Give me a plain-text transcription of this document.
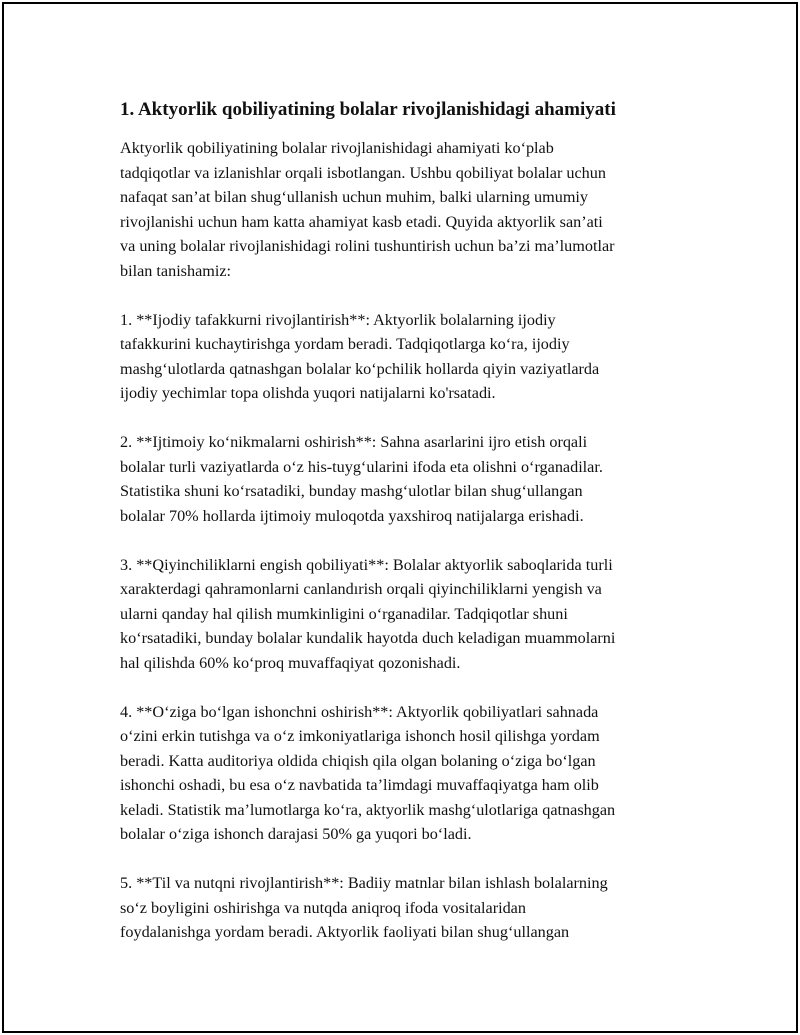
1. Aktyorlik qobiliyatining bolalar rivojlanishidagi ahamiyati
Aktyorlik qobiliyatining bolalar rivojlanishidagi ahamiyati ko‘plab
tadqiqotlar va izlanishlar orqali isbotlangan. Ushbu qobiliyat bolalar uchun
nafaqat san’at bilan shug‘ullanish uchun muhim, balki ularning umumiy
rivojlanishi uchun ham katta ahamiyat kasb etadi. Quyida aktyorlik san’ati
va uning bolalar rivojlanishidagi rolini tushuntirish uchun ba’zi ma’lumotlar
bilan tanishamiz:
1. **Ijodiy tafakkurni rivojlantirish**: Aktyorlik bolalarning ijodiy
tafakkurini kuchaytirishga yordam beradi. Tadqiqotlarga ko‘ra, ijodiy
mashg‘ulotlarda qatnashgan bolalar ko‘pchilik hollarda qiyin vaziyatlarda
ijodiy yechimlar topa olishda yuqori natijalarni ko'rsatadi.
2. **Ijtimoiy ko‘nikmalarni oshirish**: Sahna asarlarini ijro etish orqali
bolalar turli vaziyatlarda o‘z his-tuyg‘ularini ifoda eta olishni o‘rganadilar.
Statistika shuni ko‘rsatadiki, bunday mashg‘ulotlar bilan shug‘ullangan
bolalar 70% hollarda ijtimoiy muloqotda yaxshiroq natijalarga erishadi.
3. **Qiyinchiliklarni engish qobiliyati**: Bolalar aktyorlik saboqlarida turli
xarakterdagi qahramonlarni canlandırish orqali qiyinchiliklarni yengish va
ularni qanday hal qilish mumkinligini o‘rganadilar. Tadqiqotlar shuni
ko‘rsatadiki, bunday bolalar kundalik hayotda duch keladigan muammolarni
hal qilishda 60% ko‘proq muvaffaqiyat qozonishadi.
4. **O‘ziga bo‘lgan ishonchni oshirish**: Aktyorlik qobiliyatlari sahnada
o‘zini erkin tutishga va o‘z imkoniyatlariga ishonch hosil qilishga yordam
beradi. Katta auditoriya oldida chiqish qila olgan bolaning o‘ziga bo‘lgan
ishonchi oshadi, bu esa o‘z navbatida ta’limdagi muvaffaqiyatga ham olib
keladi. Statistik ma’lumotlarga ko‘ra, aktyorlik mashg‘ulotlariga qatnashgan
bolalar o‘ziga ishonch darajasi 50% ga yuqori bo‘ladi.
5. **Til va nutqni rivojlantirish**: Badiiy matnlar bilan ishlash bolalarning
so‘z boyligini oshirishga va nutqda aniqroq ifoda vositalaridan
foydalanishga yordam beradi. Aktyorlik faoliyati bilan shug‘ullangan
